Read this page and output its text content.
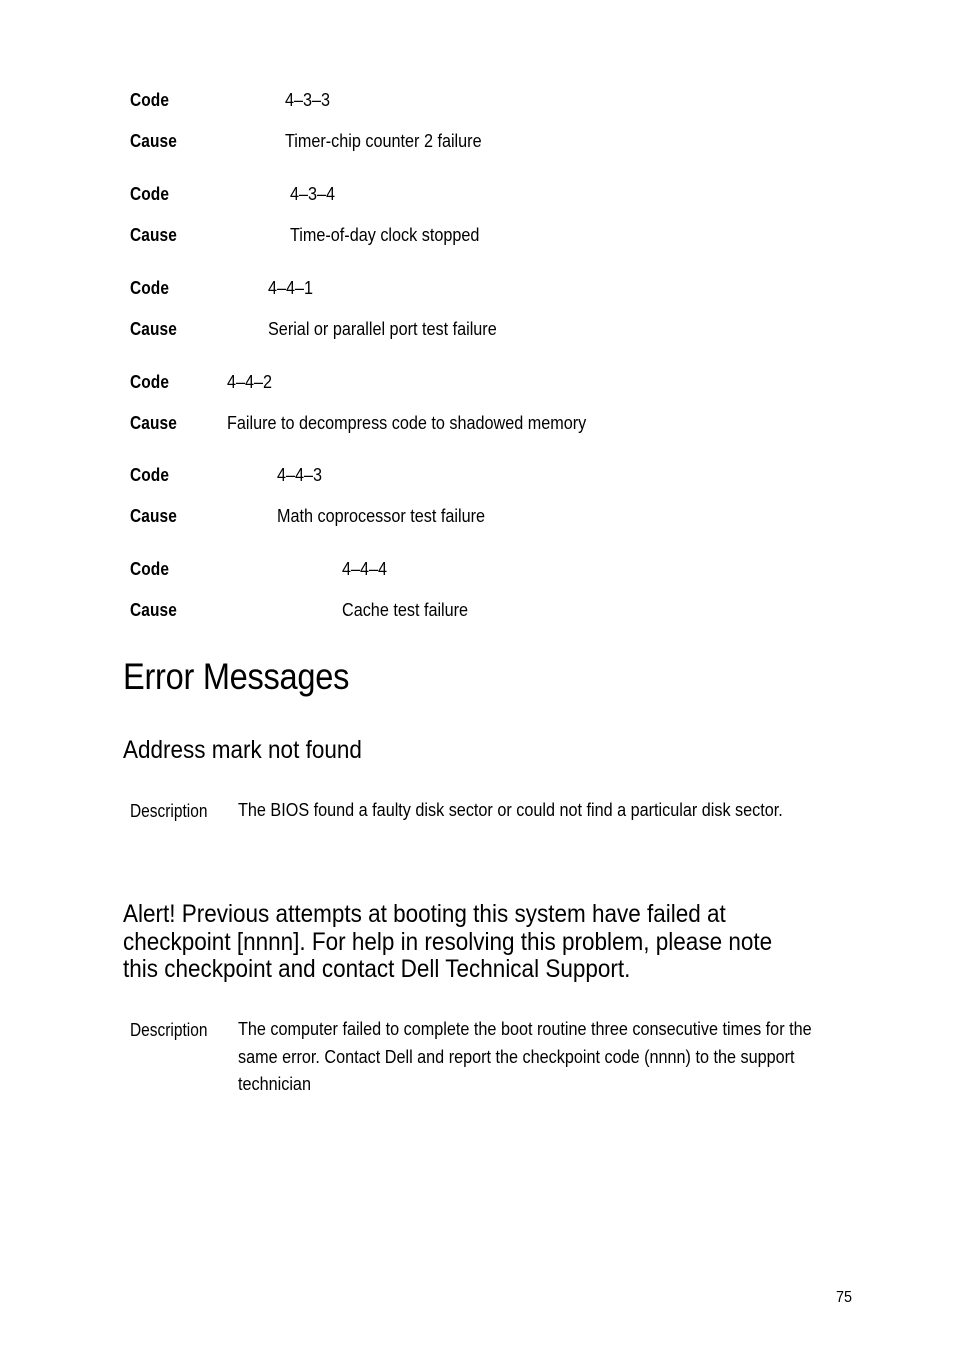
Code	4–3–3
Cause	Timer-chip counter 2 failure
Code	4–3–4
Cause	Time-of-day clock stopped
Code	4–4–1
Cause	Serial or parallel port test failure
Code	4–4–2
Cause	Failure to decompress code to shadowed memory
Code	4–4–3
Cause	Math coprocessor test failure
Code	4–4–4
Cause	Cache test failure
Error Messages
Address mark not found
Description The BIOS found a faulty disk sector or could not find a particular disk sector.
Alert! Previous attempts at booting this system have failed at
checkpoint [nnnn]. For help in resolving this problem, please note
this checkpoint and contact Dell Technical Support.
Description The computer failed to complete the boot routine three consecutive times for the same error. Contact Dell and report the checkpoint code (nnnn) to the support technician
75
